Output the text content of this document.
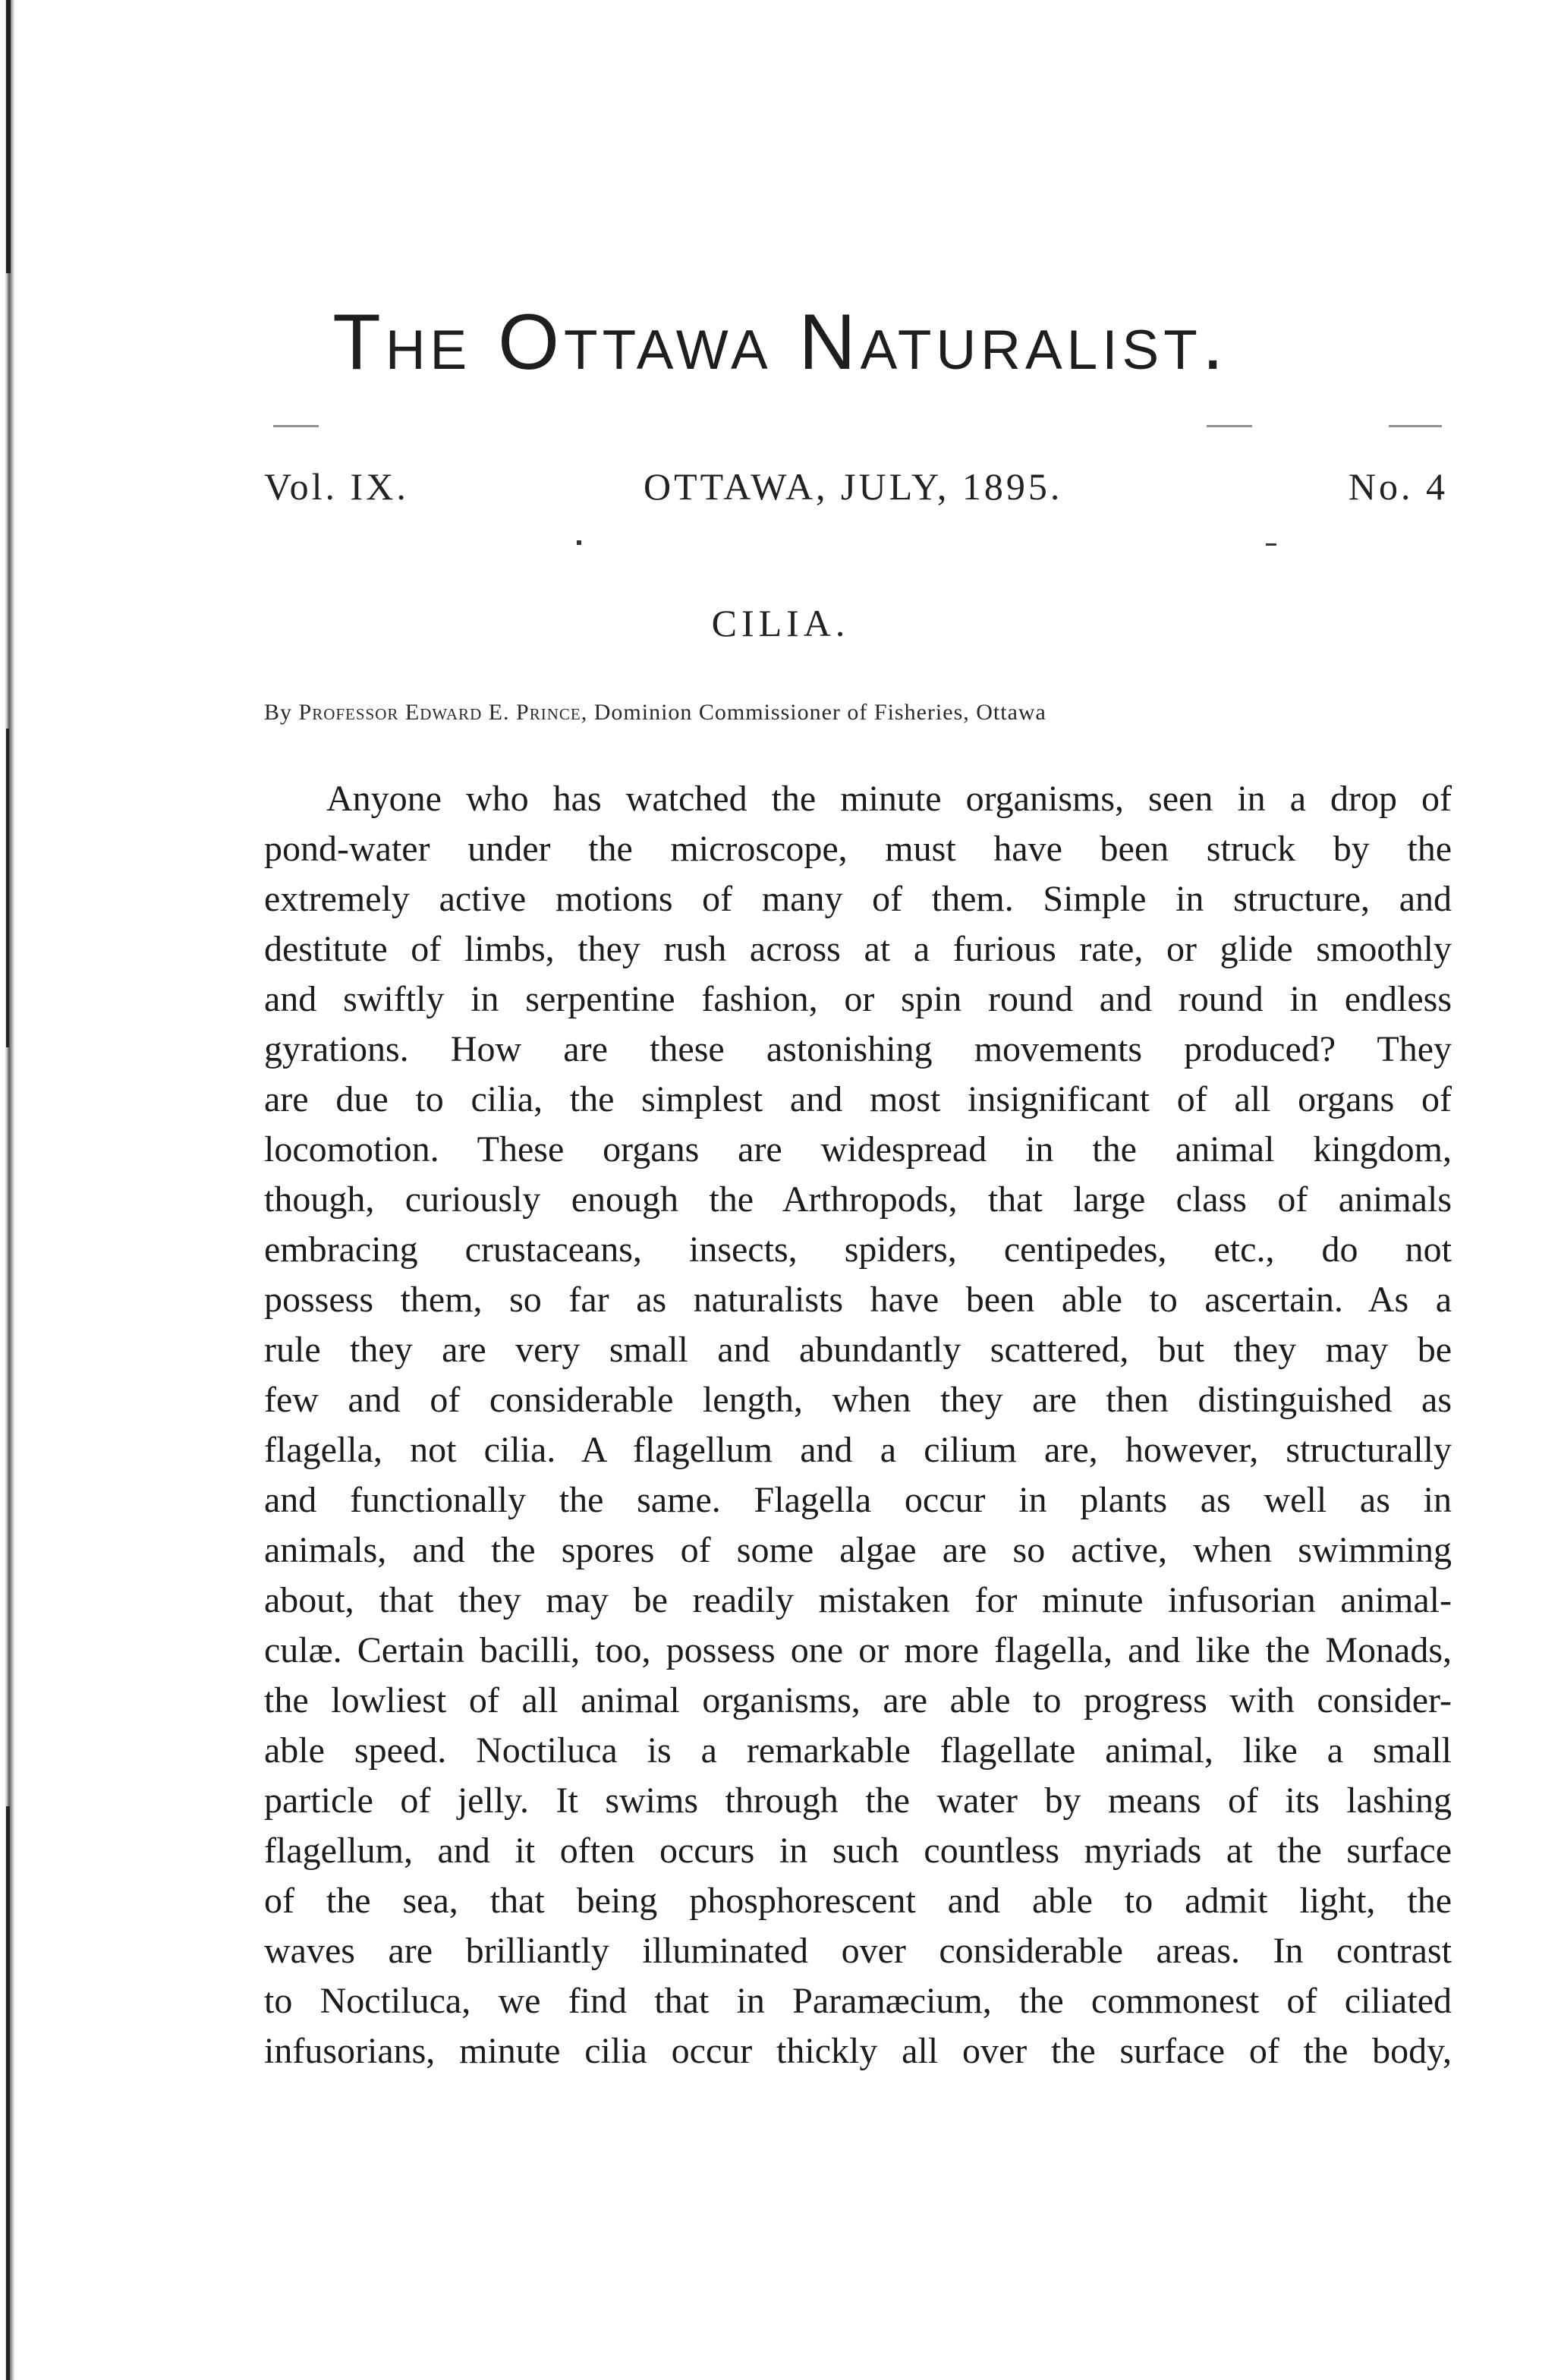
The Ottawa Naturalist.
Vol. IX.	OTTAWA, JULY, 1895.	No. 4
CILIA.
By Professor Edward E. Prince, Dominion Commissioner of Fisheries, Ottawa
Anyone who has watched the minute organisms, seen in a drop of
pond-water under the microscope, must have been struck by the
extremely active motions of many of them. Simple in structure, and
destitute of limbs, they rush across at a furious rate, or glide smoothly
and swiftly in serpentine fashion, or spin round and round in endless
gyrations. How are these astonishing movements produced? They
are due to cilia, the simplest and most insignificant of all organs of
locomotion. These organs are widespread in the animal kingdom,
though, curiously enough the Arthropods, that large class of animals
embracing crustaceans, insects, spiders, centipedes, etc., do not
possess them, so far as naturalists have been able to ascertain. As a
rule they are very small and abundantly scattered, but they may be
few and of considerable length, when they are then distinguished as
flagella, not cilia. A flagellum and a cilium are, however, structurally
and functionally the same. Flagella occur in plants as well as in
animals, and the spores of some algae are so active, when swimming
about, that they may be readily mistaken for minute infusorian animal-
culæ. Certain bacilli, too, possess one or more flagella, and like the Monads,
the lowliest of all animal organisms, are able to progress with consider-
able speed. Noctiluca is a remarkable flagellate animal, like a small
particle of jelly. It swims through the water by means of its lashing
flagellum, and it often occurs in such countless myriads at the surface
of the sea, that being phosphorescent and able to admit light, the
waves are brilliantly illuminated over considerable areas. In contrast
to Noctiluca, we find that in Paramæcium, the commonest of ciliated
infusorians, minute cilia occur thickly all over the surface of the body,
